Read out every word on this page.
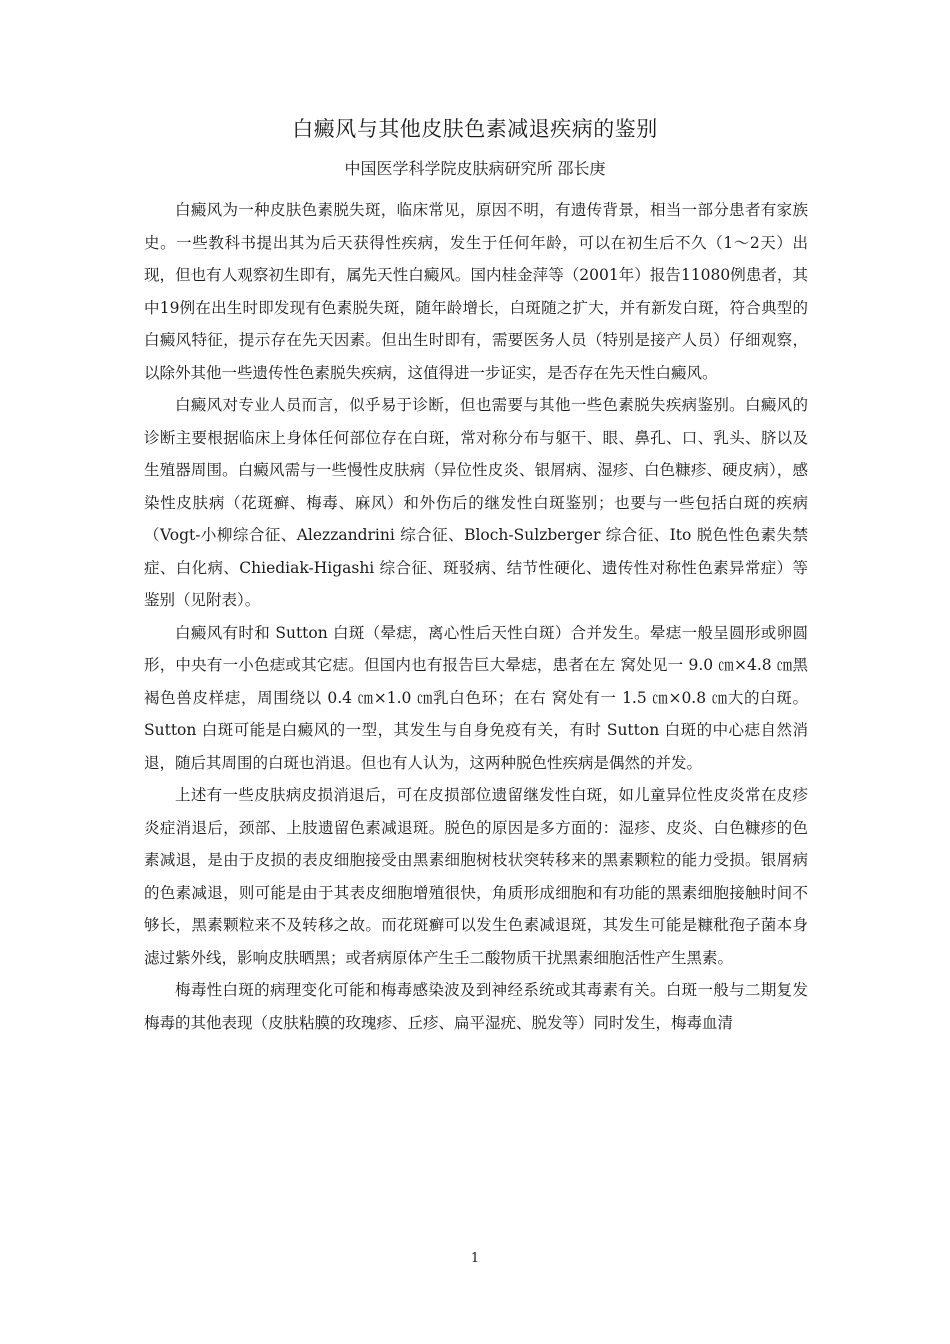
白癜风与其他皮肤色素减退疾病的鉴别
中国医学科学院皮肤病研究所 邵长庚

白癜风为一种皮肤色素脱失斑，临床常见，原因不明，有遗传背景，相当一部分患者有家族史。一些教科书提出其为后天获得性疾病，发生于任何年龄，可以在初生后不久（1～2天）出现，但也有人观察初生即有，属先天性白癜风。国内桂金萍等（2001年）报告11080例患者，其中19例在出生时即发现有色素脱失斑，随年龄增长，白斑随之扩大，并有新发白斑，符合典型的白癜风特征，提示存在先天因素。但出生时即有，需要医务人员（特别是接产人员）仔细观察，以除外其他一些遗传性色素脱失疾病，这值得进一步证实，是否存在先天性白癜风。

白癜风对专业人员而言，似乎易于诊断，但也需要与其他一些色素脱失疾病鉴别。白癜风的诊断主要根据临床上身体任何部位存在白斑，常对称分布与躯干、眼、鼻孔、口、乳头、脐以及生殖器周围。白癜风需与一些慢性皮肤病（异位性皮炎、银屑病、湿疹、白色糠疹、硬皮病），感染性皮肤病（花斑癣、梅毒、麻风）和外伤后的继发性白斑鉴别；也要与一些包括白斑的疾病（Vogt-小柳综合征、Alezzandrini 综合征、Bloch-Sulzberger 综合征、Ito 脱色性色素失禁症、白化病、Chiediak-Higashi 综合征、斑驳病、结节性硬化、遗传性对称性色素异常症）等鉴别（见附表）。

白癜风有时和 Sutton 白斑（晕痣，离心性后天性白斑）合并发生。晕痣一般呈圆形或卵圆形，中央有一小色痣或其它痣。但国内也有报告巨大晕痣，患者在左 窝处见一 9.0 ㎝×4.8 ㎝黑褐色兽皮样痣，周围绕以 0.4 ㎝×1.0 ㎝乳白色环；在右 窝处有一 1.5 ㎝×0.8 ㎝大的白斑。Sutton 白斑可能是白癜风的一型，其发生与自身免疫有关，有时 Sutton 白斑的中心痣自然消退，随后其周围的白斑也消退。但也有人认为，这两种脱色性疾病是偶然的并发。

上述有一些皮肤病皮损消退后，可在皮损部位遗留继发性白斑，如儿童异位性皮炎常在皮疹炎症消退后，颈部、上肢遗留色素减退斑。脱色的原因是多方面的：湿疹、皮炎、白色糠疹的色素减退，是由于皮损的表皮细胞接受由黑素细胞树枝状突转移来的黑素颗粒的能力受损。银屑病的色素减退，则可能是由于其表皮细胞增殖很快，角质形成细胞和有功能的黑素细胞接触时间不够长，黑素颗粒来不及转移之故。而花斑癣可以发生色素减退斑，其发生可能是糠秕孢子菌本身滤过紫外线，影响皮肤晒黑；或者病原体产生壬二酸物质干扰黑素细胞活性产生黑素。

梅毒性白斑的病理变化可能和梅毒感染波及到神经系统或其毒素有关。白斑一般与二期复发梅毒的其他表现（皮肤粘膜的玫瑰疹、丘疹、扁平湿疣、脱发等）同时发生，梅毒血清

1
